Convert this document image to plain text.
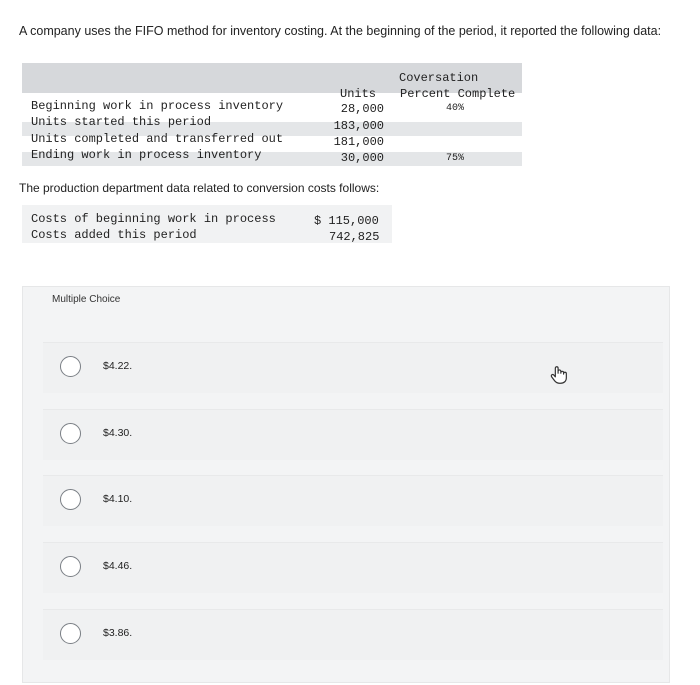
A company uses the FIFO method for inventory costing. At the beginning of the period, it reported the following data:
Coversation
Units Percent Complete
Beginning work in process inventory	28,000	40%
Units started this period	183,000
Units completed and transferred out	181,000
Ending work in process inventory	30,000	75%
The production department data related to conversion costs follows:
Costs of beginning work in process	$ 115,000
Costs added this period	742,825
Multiple Choice
$4.22.
$4.30.
$4.10.
$4.46.
$3.86.
